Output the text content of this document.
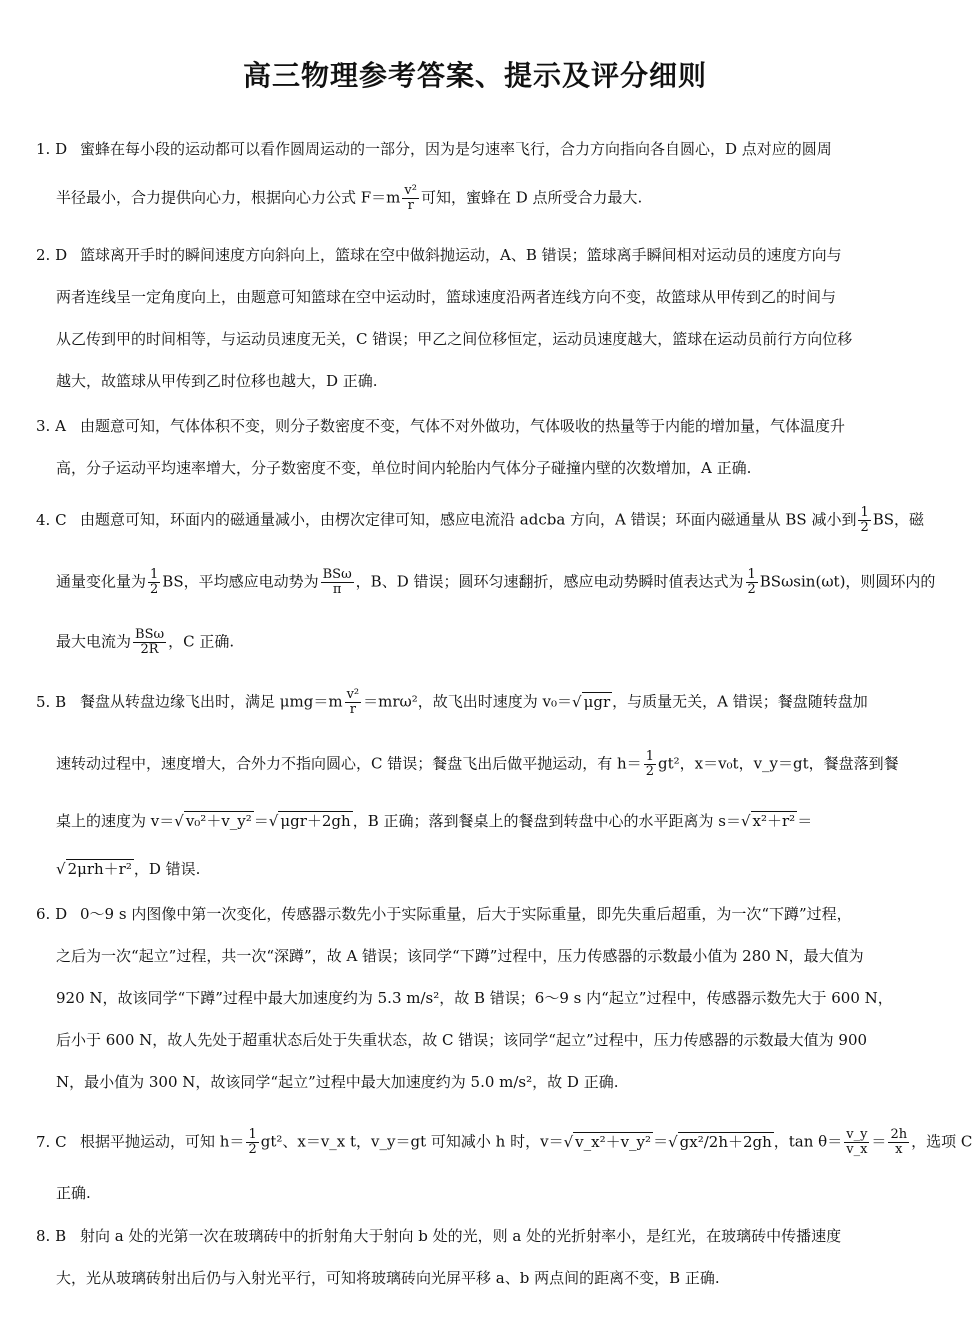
高三物理参考答案、提示及评分细则
1. D 蜜蜂在每小段的运动都可以看作圆周运动的一部分，因为是匀速率飞行，合力方向指向各自圆心，D 点对应的圆周
半径最小，合力提供向心力，根据向心力公式 $F=m \frac{\text{v²}}{r}$ 可知，蜜蜂在 D 点所受合力最大.
2. D 篮球离开手时的瞬间速度方向斜向上，篮球在空中做斜抛运动，A、B 错误；篮球离手瞬间相对运动员的速度方向与
两者连线呈一定角度向上，由题意可知篮球在空中运动时，篮球速度沿两者连线方向不变，故篮球从甲传到乙的时间与
从乙传到甲的时间相等，与运动员速度无关，C 错误；甲乙之间位移恒定，运动员速度越大，篮球在运动员前行方向位移
越大，故篮球从甲传到乙时位移也越大，D 正确.
3. A 由题意可知，气体体积不变，则分子数密度不变，气体不对外做功，气体吸收的热量等于内能的增加量，气体温度升
高，分子运动平均速率增大，分子数密度不变，单位时间内轮胎内气体分子碰撞内壁的次数增加，A 正确.
4. C 由题意可知，环面内的磁通量减小，由楞次定律可知，感应电流沿 adcba 方向，A 错误；环面内磁通量从 BS 减小到 $\frac{1}{2}$ BS，磁
通量变化量为 $\frac{1}{2}$ BS，平均感应电动势为 $\frac{\text{BSω}}{\pi}$ ，B、D 错误；圆环匀速翻折，感应电动势瞬时值表达式为 $\frac{1}{2} BS\omega\sin(\omega t)$，则圆环内的
最大电流为 $\frac{\text{BSω}}{2R}$ ，C 正确.
5. B 餐盘从转盘边缘飞出时，满足 $\mu mg=m \frac{\text{v²}}{r} =mr\omega^2$，故飞出时速度为 v₀＝ √ μgr ，与质量无关，A 错误；餐盘随转盘加
速转动过程中，速度增大，合外力不指向圆心，C 错误；餐盘飞出后做平抛运动，有 $h= \frac{1}{2} gt^2$，x＝v₀t，v_y＝gt，餐盘落到餐
桌上的速度为 v＝ √ v₀²＋v_y² ＝ √ μgr＋2gh ，B 正确；落到餐桌上的餐盘到转盘中心的水平距离为 s＝ √ x²＋r² ＝
√ 2μrh＋r² ，D 错误.
6. D 0～9 s 内图像中第一次变化，传感器示数先小于实际重量，后大于实际重量，即先失重后超重，为一次“下蹲”过程，
之后为一次“起立”过程，共一次“深蹲”，故 A 错误；该同学“下蹲”过程中，压力传感器的示数最小值为 280 N，最大值为
920 N，故该同学“下蹲”过程中最大加速度约为 5.3 m/s²，故 B 错误；6～9 s 内“起立”过程中，传感器示数先大于 600 N，
后小于 600 N，故人先处于超重状态后处于失重状态，故 C 错误；该同学“起立”过程中，压力传感器的示数最大值为 900
N，最小值为 300 N，故该同学“起立”过程中最大加速度约为 5.0 m/s²，故 D 正确.
7. C 根据平抛运动，可知 $h= \frac{1}{2} gt^2$、x＝v_x t，v_y＝gt 可知减小 h 时，v＝ √ v_x²＋v_y² ＝ √ gx²/2h＋2gh ，$\tan \theta= \frac{v\_y}{v\_x} = \frac{2h}{x}$ ，选项 C
正确.
8. B 射向 a 处的光第一次在玻璃砖中的折射角大于射向 b 处的光，则 a 处的光折射率小，是红光，在玻璃砖中传播速度
大，光从玻璃砖射出后仍与入射光平行，可知将玻璃砖向光屏平移 a、b 两点间的距离不变，B 正确.
